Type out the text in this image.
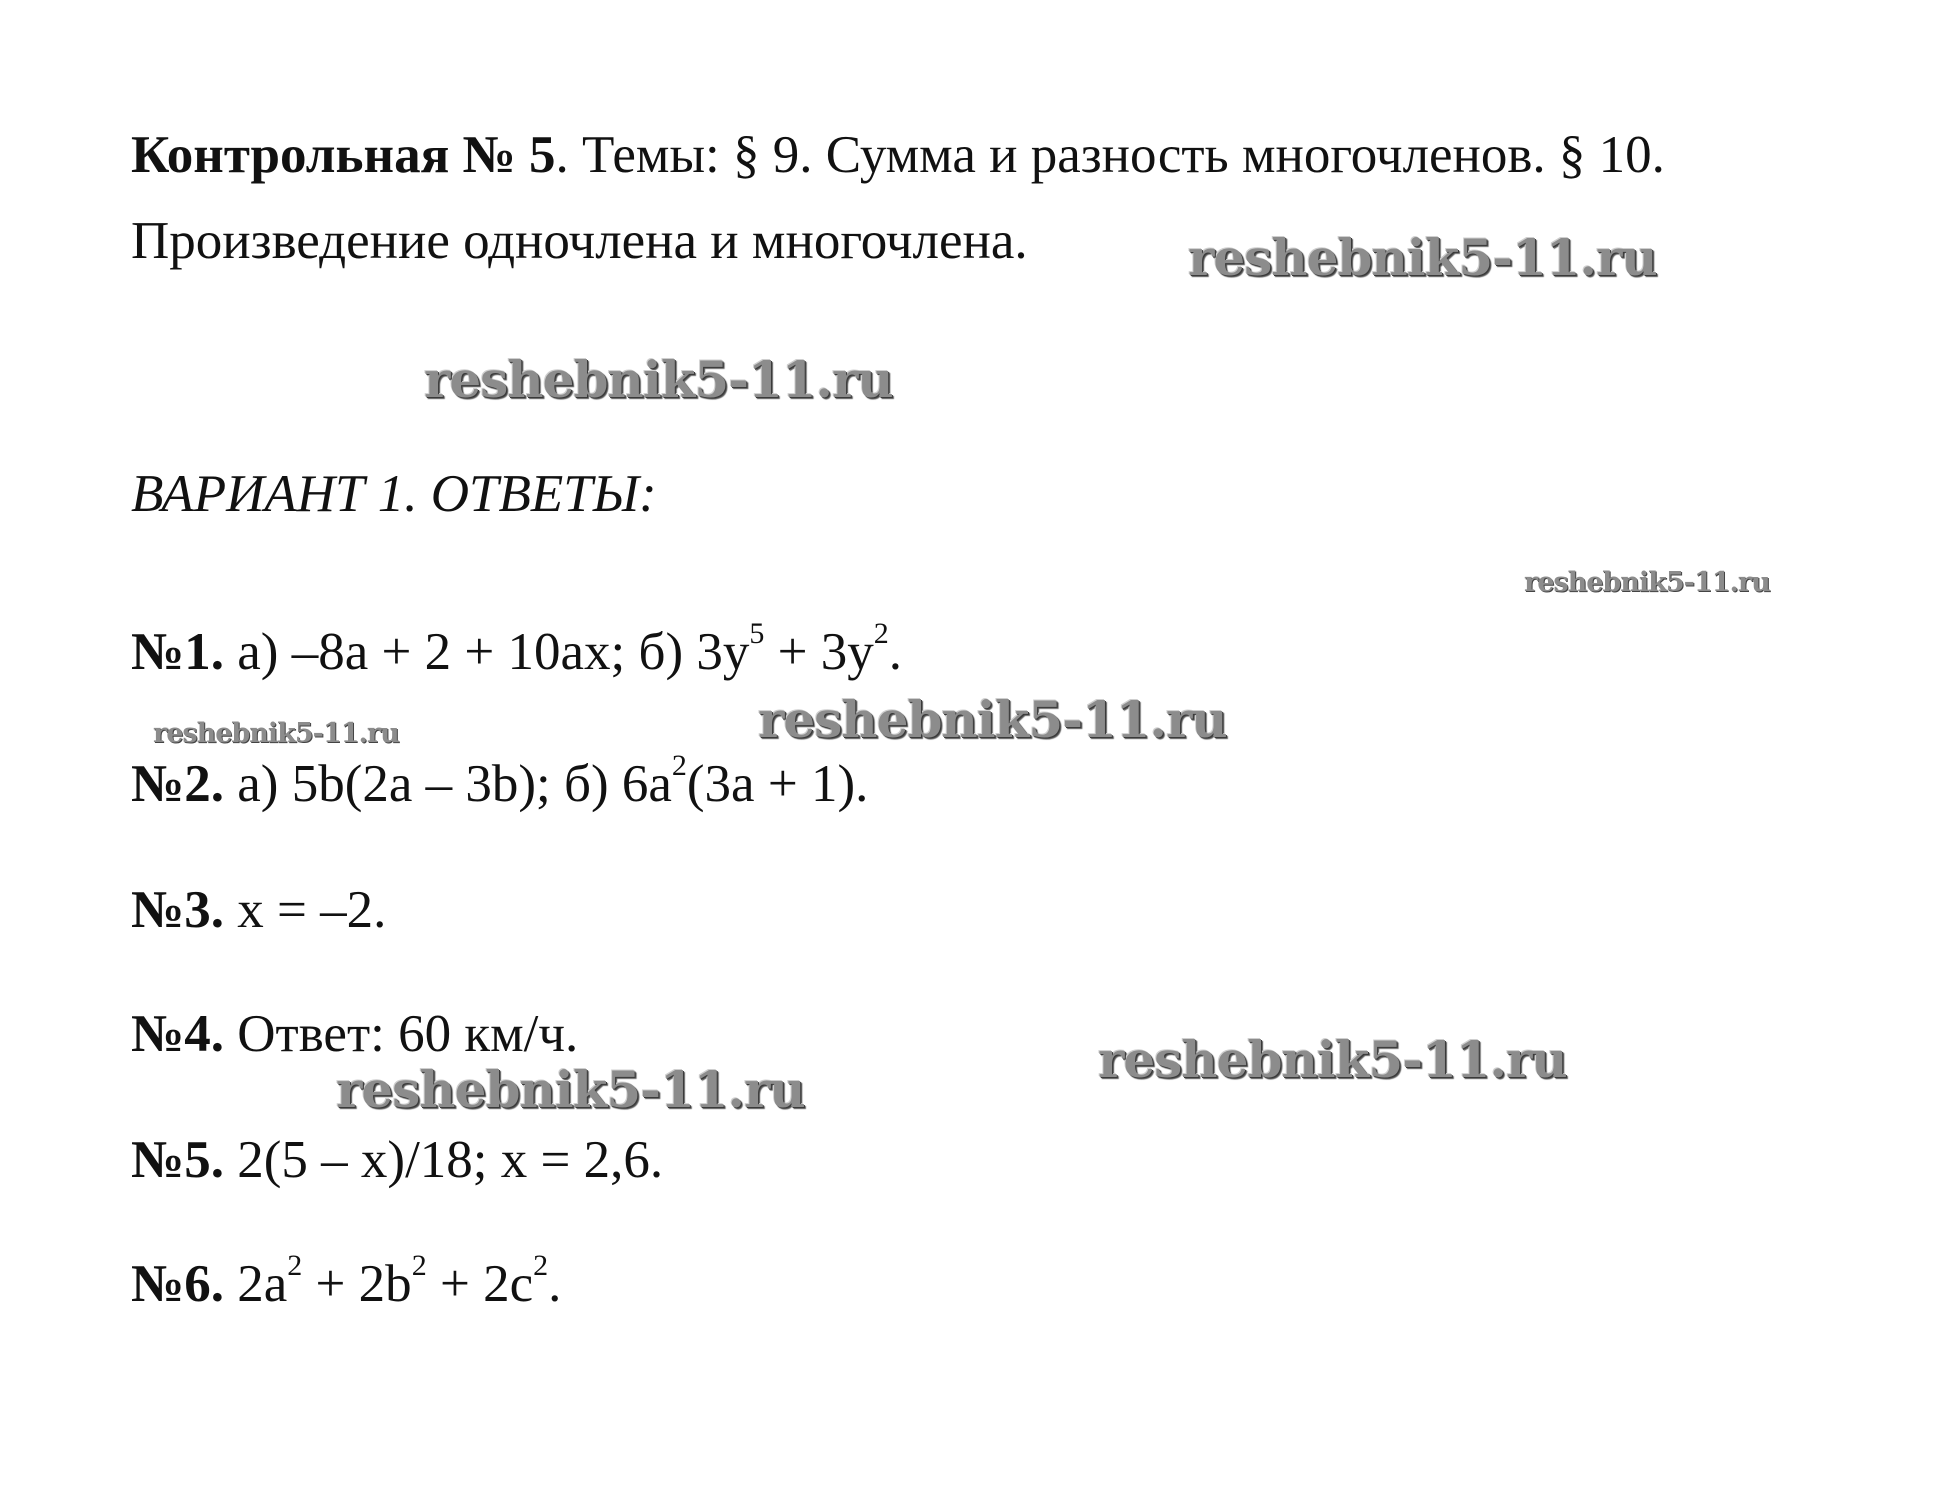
Контрольная № 5. Темы: § 9. Сумма и разность многочленов. § 10. Произведение одночлена и многочлена.

ВАРИАНТ 1. ОТВЕТЫ:

№1. а) –8a + 2 + 10ax; б) $3y^5 + 3y^2$.
№2. а) 5b(2a – 3b); б) $6a^2(3a + 1)$.
№3. x = –2.
№4. Ответ: 60 км/ч.
№5. 2(5 – x)/18; x = 2,6.
№6. $2a^2 + 2b^2 + 2c^2$.
reshebnik5-11.ru
reshebnik5-11.ru
reshebnik5-11.ru
reshebnik5-11.ru	reshebnik5-11.ru
reshebnik5-11.ru
reshebnik5-11.ru
